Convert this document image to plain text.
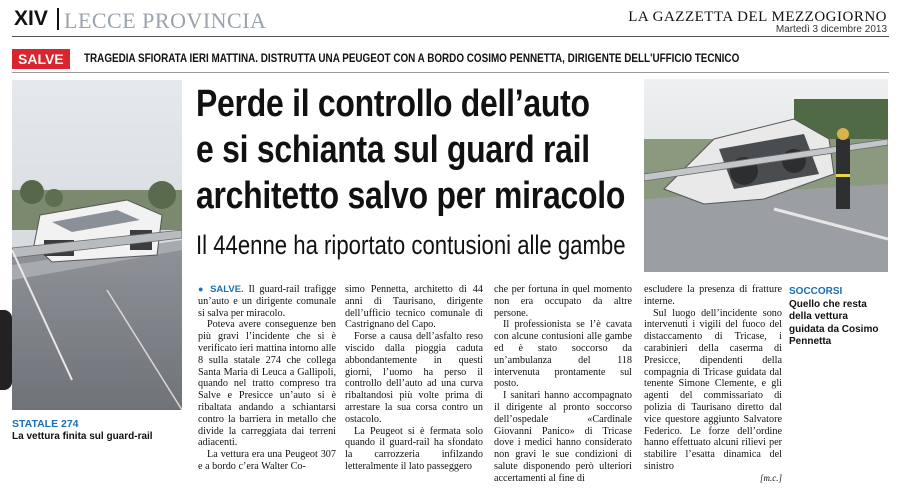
XIV LECCE PROVINCIA	LA GAZZETTA DEL MEZZOGIORNO
Martedì 3 dicembre 2013
SALVE	TRAGEDIA SFIORATA IERI MATTINA. DISTRUTTA UNA PEUGEOT CON A BORDO COSIMO PENNETTA, DIRIGENTE DELL'UFFICIO TECNICO
STATALE 274
La vettura finita sul guard-rail
Perde il controllo dell’auto
e si schianta sul guard rail
architetto salvo per miracolo
Il 44enne ha riportato contusioni alle gambe
SOCCORSI
Quello che resta della vettura guidata da Cosimo Pennetta

● SALVE. Il guard-rail trafigge un’auto e un dirigente comunale si salva per miracolo.

Poteva avere conseguenze ben più gravi l’incidente che si è verificato ieri mattina intorno alle 8 sulla statale 274 che collega Santa Maria di Leuca a Gallipoli, quando nel tratto compreso tra Salve e Presicce un’auto si è ribaltata andando a schiantarsi contro la barriera in metallo che divide la carreggiata dai terreni adiacenti.

La vettura era una Peugeot 307 e a bordo c’era Walter Co-

simo Pennetta, architetto di 44 anni di Taurisano, dirigente dell’ufficio tecnico comunale di Castrignano del Capo.

Forse a causa dell’asfalto reso viscido dalla pioggia caduta abbondantemente in questi giorni, l’uomo ha perso il controllo dell’auto ad una curva ribaltandosi più volte prima di arrestare la sua corsa contro un ostacolo.

La Peugeot si è fermata solo quando il guard-rail ha sfondato la carrozzeria infilzando letteralmente il lato passeggero

che per fortuna in quel momento non era occupato da altre persone.

Il professionista se l’è cavata con alcune contusioni alle gambe ed è stato soccorso da un’ambulanza del 118 intervenuta prontamente sul posto.

I sanitari hanno accompagnato il dirigente al pronto soccorso dell’ospedale «Cardinale Giovanni Panico» di Tricase dove i medici hanno considerato non gravi le sue condizioni di salute disponendo però ulteriori accertamenti al fine di

escludere la presenza di fratture interne.

Sul luogo dell’incidente sono intervenuti i vigili del fuoco del distaccamento di Tricase, i carabinieri della caserma di Presicce, dipendenti della compagnia di Tricase guidata dal tenente Simone Clemente, e gli agenti del commissariato di polizia di Taurisano diretto dal vice questore aggiunto Salvatore Federico. Le forze dell’ordine hanno effettuato alcuni rilievi per stabilire l’esatta dinamica del sinistro

[m.c.]
